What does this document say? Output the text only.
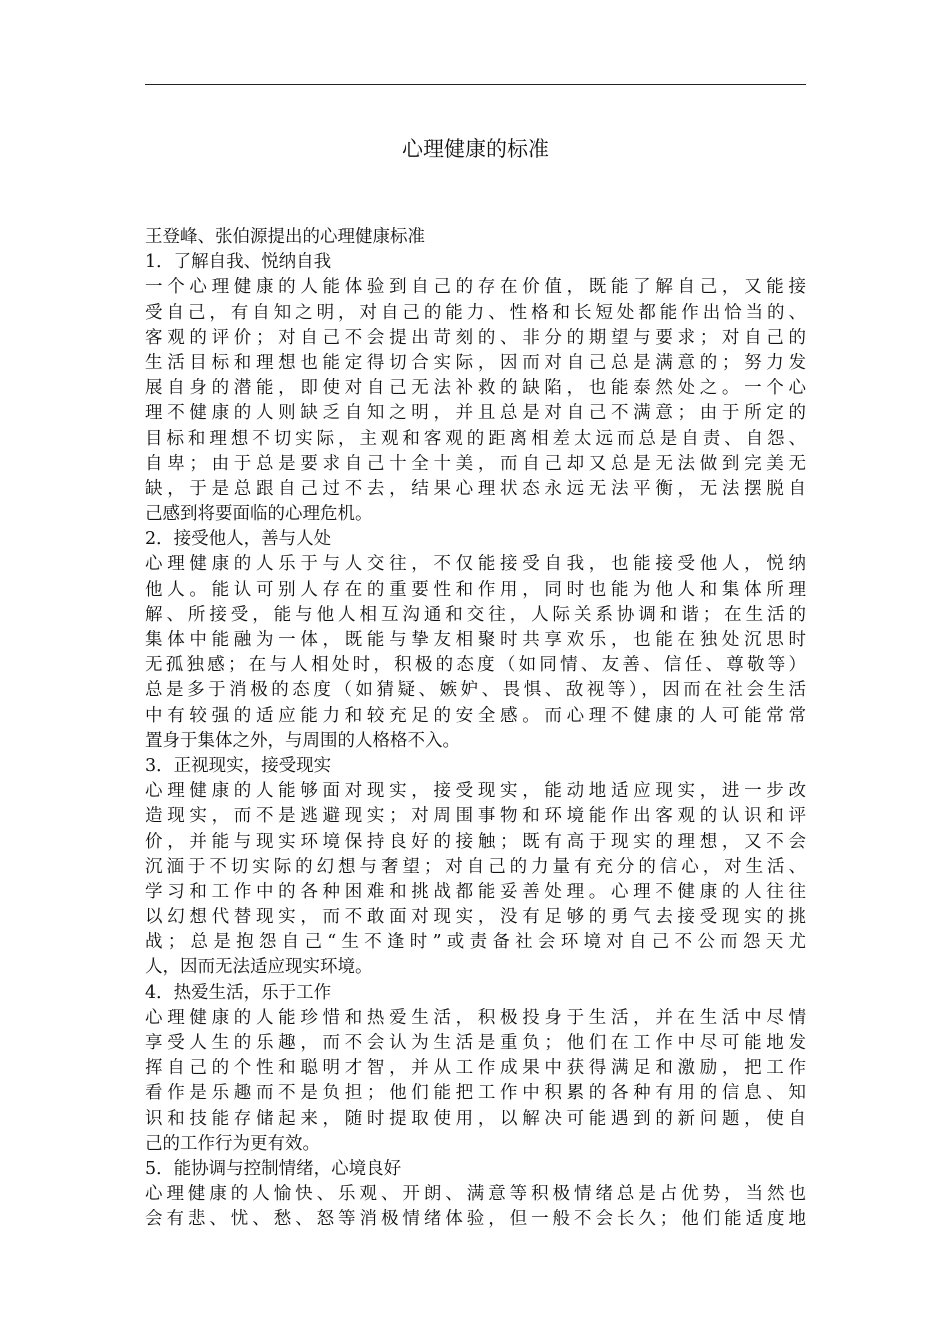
心理健康的标准
王登峰、张伯源提出的心理健康标准
1．了解自我、悦纳自我
一个心理健康的人能体验到自己的存在价值，既能了解自己，又能接
受自己，有自知之明，对自己的能力、性格和长短处都能作出恰当的、
客观的评价；对自己不会提出苛刻的、非分的期望与要求；对自己的
生活目标和理想也能定得切合实际，因而对自己总是满意的；努力发
展自身的潜能，即使对自己无法补救的缺陷，也能泰然处之。一个心
理不健康的人则缺乏自知之明，并且总是对自己不满意；由于所定的
目标和理想不切实际，主观和客观的距离相差太远而总是自责、自怨、
自卑；由于总是要求自己十全十美，而自己却又总是无法做到完美无
缺，于是总跟自己过不去，结果心理状态永远无法平衡，无法摆脱自
己感到将要面临的心理危机。
2．接受他人，善与人处
心理健康的人乐于与人交往，不仅能接受自我，也能接受他人，悦纳
他人。能认可别人存在的重要性和作用，同时也能为他人和集体所理
解、所接受，能与他人相互沟通和交往，人际关系协调和谐；在生活的
集体中能融为一体，既能与挚友相聚时共享欢乐，也能在独处沉思时
无孤独感；在与人相处时，积极的态度（如同情、友善、信任、尊敬等）
总是多于消极的态度（如猜疑、嫉妒、畏惧、敌视等），因而在社会生活
中有较强的适应能力和较充足的安全感。而心理不健康的人可能常常
置身于集体之外，与周围的人格格不入。
3．正视现实，接受现实
心理健康的人能够面对现实，接受现实，能动地适应现实，进一步改
造现实，而不是逃避现实；对周围事物和环境能作出客观的认识和评
价，并能与现实环境保持良好的接触；既有高于现实的理想，又不会
沉湎于不切实际的幻想与奢望；对自己的力量有充分的信心，对生活、
学习和工作中的各种困难和挑战都能妥善处理。心理不健康的人往往
以幻想代替现实，而不敢面对现实，没有足够的勇气去接受现实的挑
战；总是抱怨自己“生不逢时”或责备社会环境对自己不公而怨天尤
人，因而无法适应现实环境。
4．热爱生活，乐于工作
心理健康的人能珍惜和热爱生活，积极投身于生活，并在生活中尽情
享受人生的乐趣，而不会认为生活是重负；他们在工作中尽可能地发
挥自己的个性和聪明才智，并从工作成果中获得满足和激励，把工作
看作是乐趣而不是负担；他们能把工作中积累的各种有用的信息、知
识和技能存储起来，随时提取使用，以解决可能遇到的新问题，使自
己的工作行为更有效。
5．能协调与控制情绪，心境良好
心理健康的人愉快、乐观、开朗、满意等积极情绪总是占优势，当然也
会有悲、忧、愁、怒等消极情绪体验，但一般不会长久；他们能适度地
